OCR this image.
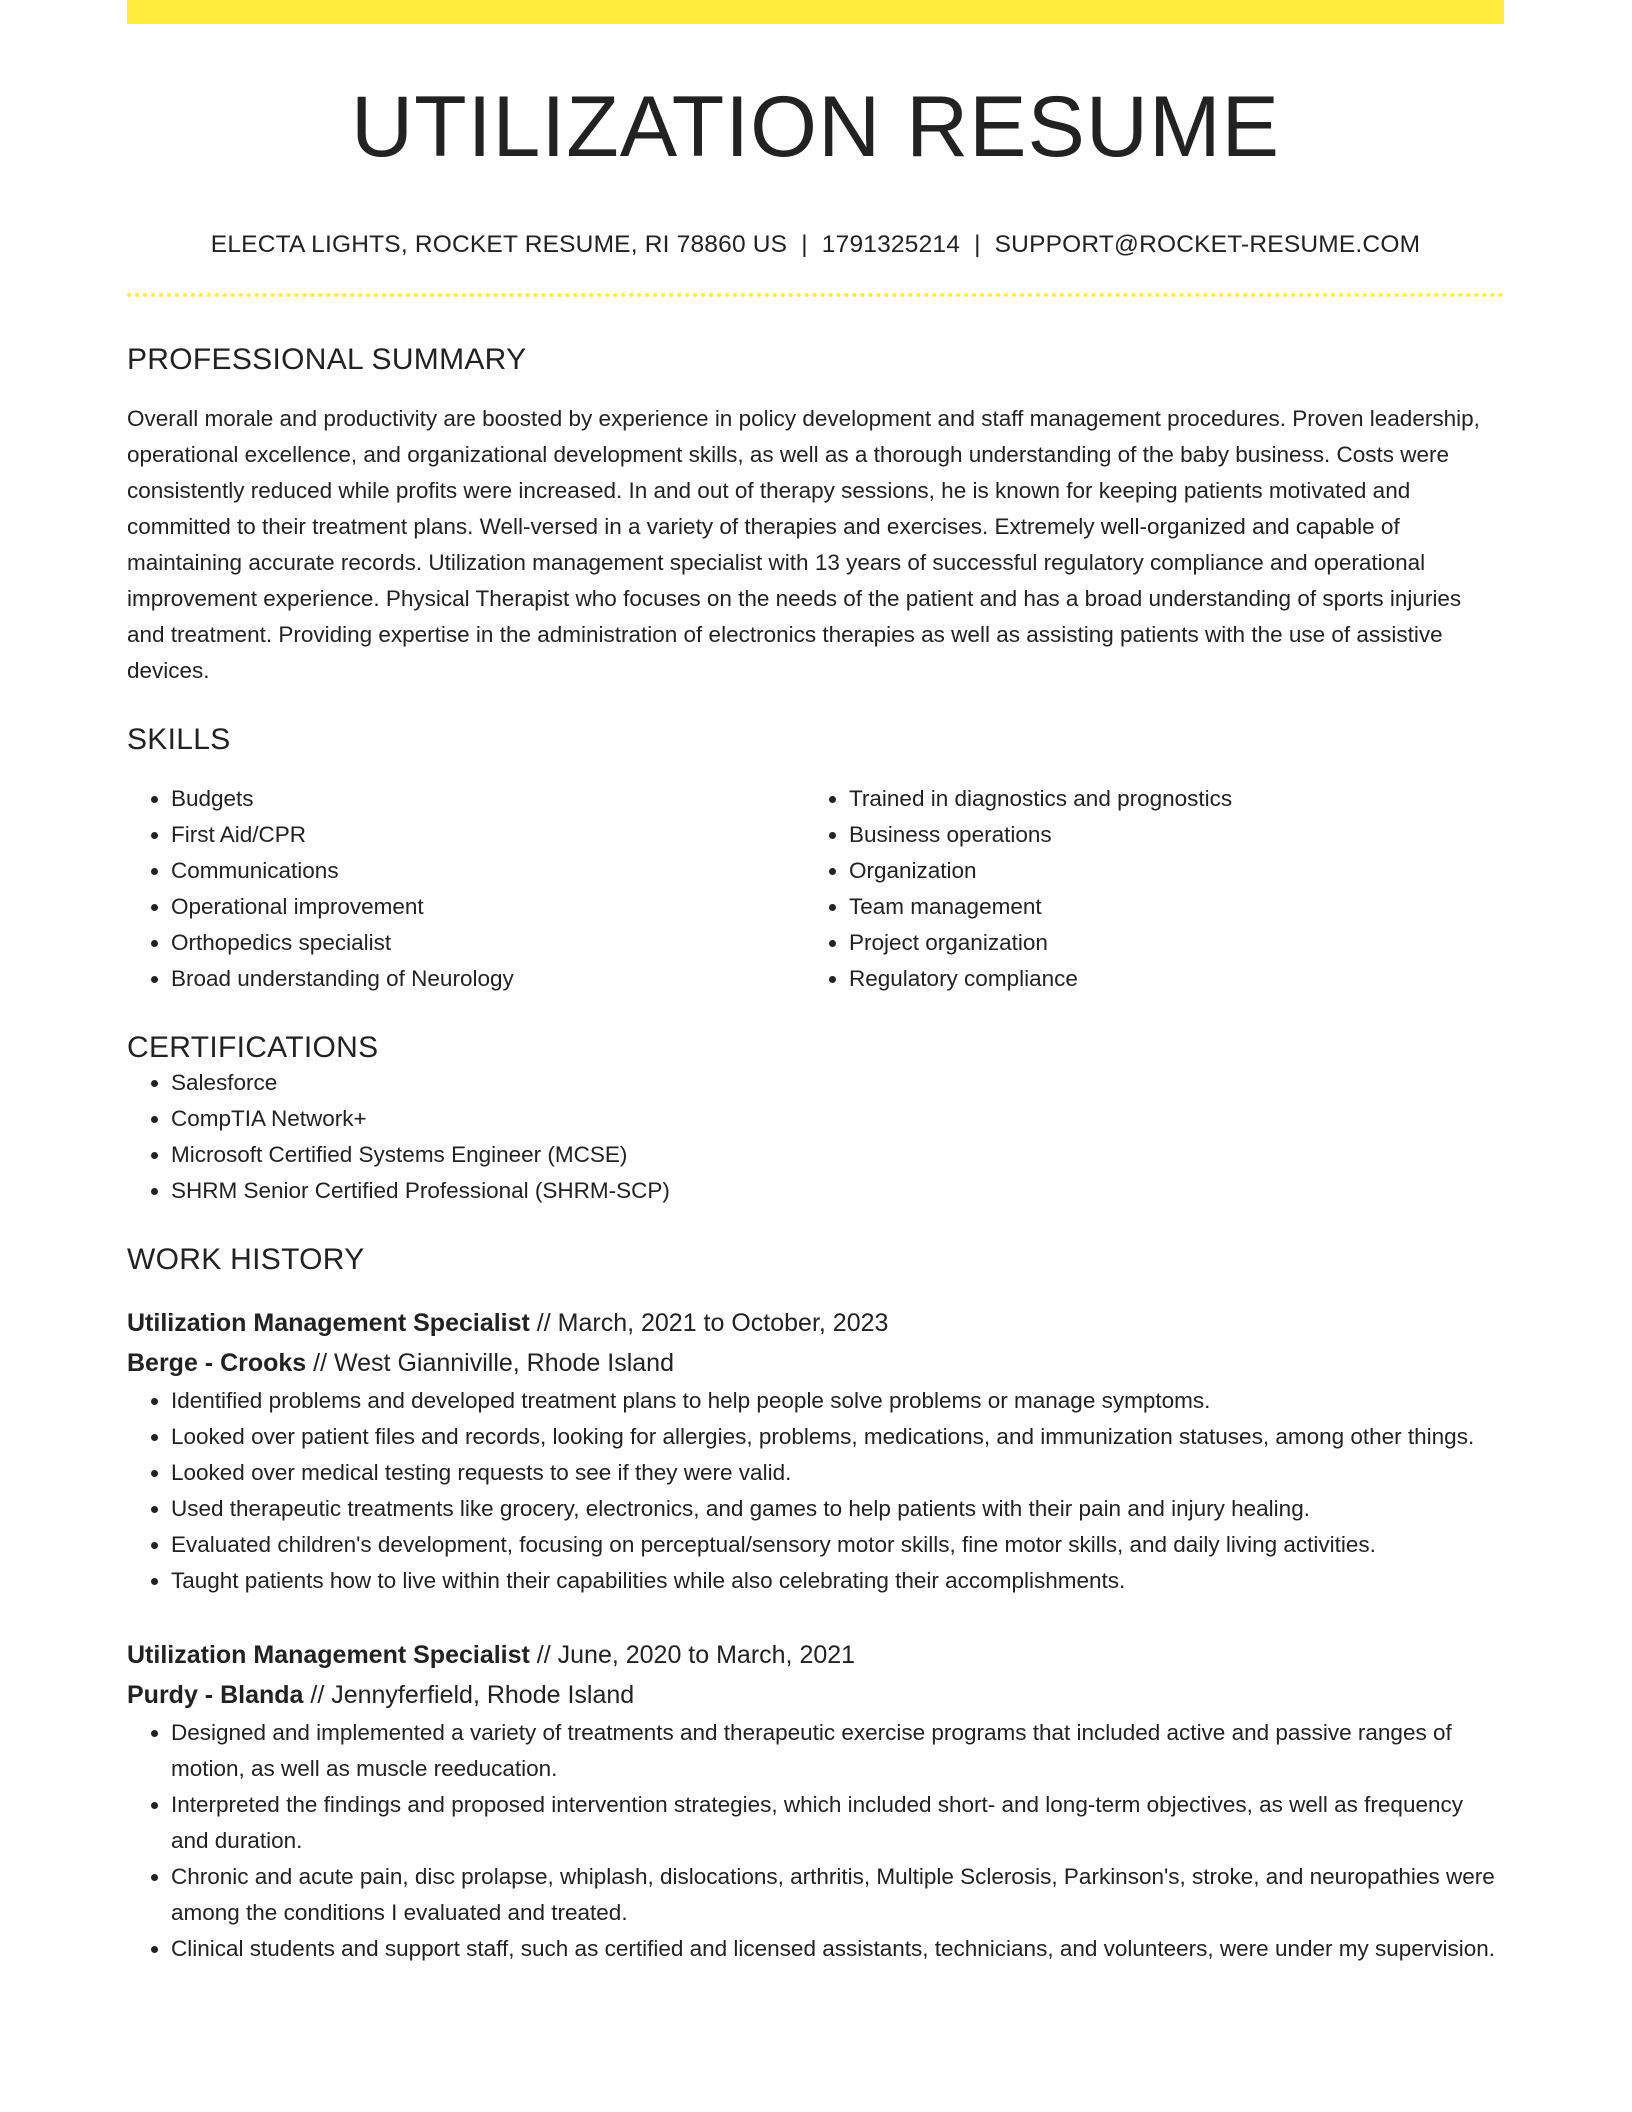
UTILIZATION RESUME
ELECTA LIGHTS, ROCKET RESUME, RI 78860 US | 1791325214 | SUPPORT@ROCKET-RESUME.COM
PROFESSIONAL SUMMARY
Overall morale and productivity are boosted by experience in policy development and staff management procedures. Proven leadership, operational excellence, and organizational development skills, as well as a thorough understanding of the baby business. Costs were consistently reduced while profits were increased. In and out of therapy sessions, he is known for keeping patients motivated and committed to their treatment plans. Well-versed in a variety of therapies and exercises. Extremely well-organized and capable of maintaining accurate records. Utilization management specialist with 13 years of successful regulatory compliance and operational improvement experience. Physical Therapist who focuses on the needs of the patient and has a broad understanding of sports injuries and treatment. Providing expertise in the administration of electronics therapies as well as assisting patients with the use of assistive devices.
SKILLS
• Budgets
• First Aid/CPR
• Communications
• Operational improvement
• Orthopedics specialist
• Broad understanding of Neurology
• Trained in diagnostics and prognostics
• Business operations
• Organization
• Team management
• Project organization
• Regulatory compliance
CERTIFICATIONS
• Salesforce
• CompTIA Network+
• Microsoft Certified Systems Engineer (MCSE)
• SHRM Senior Certified Professional (SHRM-SCP)
WORK HISTORY
Utilization Management Specialist // March, 2021 to October, 2023
Berge - Crooks // West Gianniville, Rhode Island
• Identified problems and developed treatment plans to help people solve problems or manage symptoms.
• Looked over patient files and records, looking for allergies, problems, medications, and immunization statuses, among other things.
• Looked over medical testing requests to see if they were valid.
• Used therapeutic treatments like grocery, electronics, and games to help patients with their pain and injury healing.
• Evaluated children's development, focusing on perceptual/sensory motor skills, fine motor skills, and daily living activities.
• Taught patients how to live within their capabilities while also celebrating their accomplishments.
Utilization Management Specialist // June, 2020 to March, 2021
Purdy - Blanda // Jennyferfield, Rhode Island
• Designed and implemented a variety of treatments and therapeutic exercise programs that included active and passive ranges of motion, as well as muscle reeducation.
• Interpreted the findings and proposed intervention strategies, which included short- and long-term objectives, as well as frequency and duration.
• Chronic and acute pain, disc prolapse, whiplash, dislocations, arthritis, Multiple Sclerosis, Parkinson's, stroke, and neuropathies were among the conditions I evaluated and treated.
• Clinical students and support staff, such as certified and licensed assistants, technicians, and volunteers, were under my supervision.
